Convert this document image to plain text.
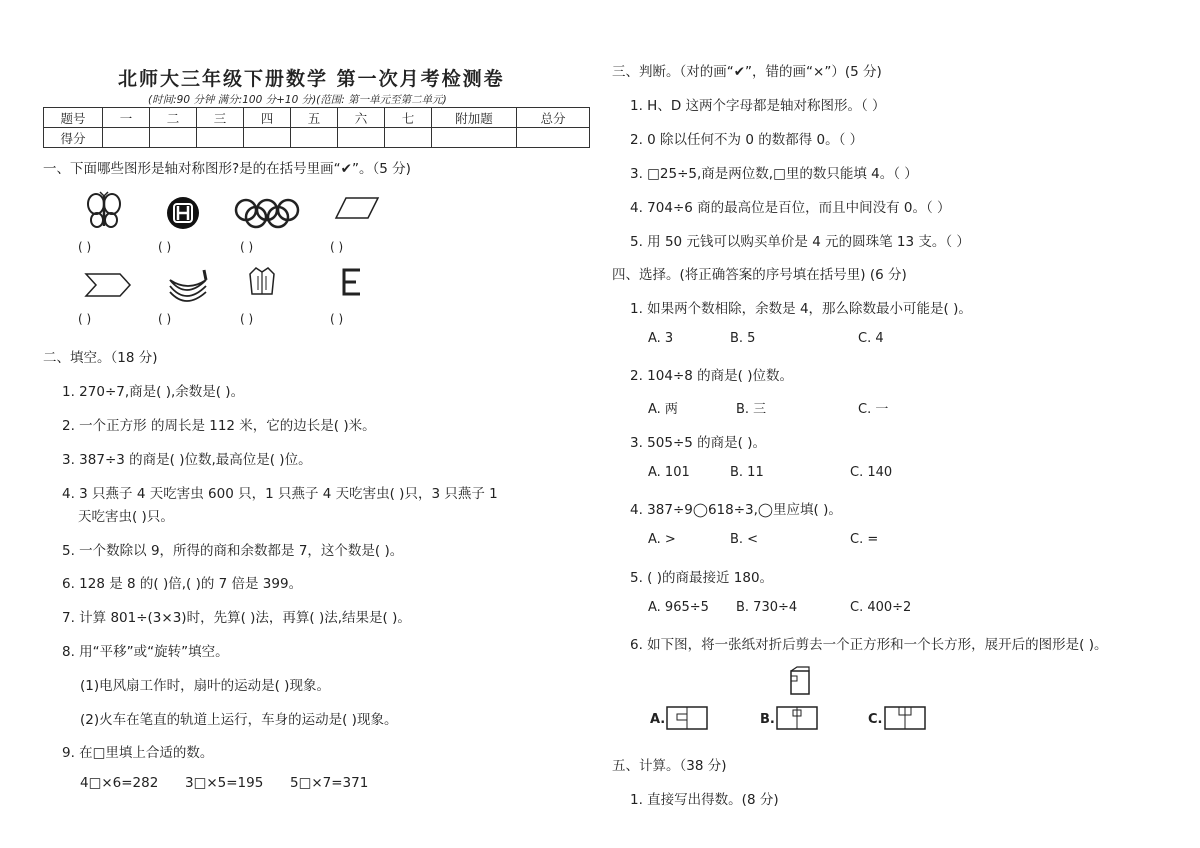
北师大三年级下册数学 第一次月考检测卷
(时间:90 分钟 满分:100 分+10 分)(范围: 第一单元至第二单元)
题号	一	二	三	四	五	六	七	附加题	总分
得分									
一、下面哪些图形是轴对称图形?是的在括号里画“✔”。（5 分)
( )	( )	( )	( )
( )	( )	( )	( )
二、填空。（18 分)
1. 270÷7,商是( ),余数是( )。
2. 一个正方形 的周长是 112 米，它的边长是( )米。
3. 387÷3 的商是( )位数,最高位是( )位。
4. 3 只燕子 4 天吃害虫 600 只，1 只燕子 4 天吃害虫( )只，3 只燕子 1
天吃害虫( )只。
5. 一个数除以 9，所得的商和余数都是 7，这个数是( )。
6. 128 是 8 的( )倍,( )的 7 倍是 399。
7. 计算 801÷(3×3)时，先算( )法，再算( )法,结果是( )。
8. 用“平移”或“旋转”填空。
(1)电风扇工作时，扇叶的运动是( )现象。
(2)火车在笔直的轨道上运行，车身的运动是( )现象。
9. 在□里填上合适的数。
4□×6=282 3□×5=195 5□×7=371
三、判断。（对的画“✔”，错的画“×”）(5 分)
1. H、D 这两个字母都是轴对称图形。（ ）
2. 0 除以任何不为 0 的数都得 0。（ ）
3. □25÷5,商是两位数,□里的数只能填 4。（ ）
4. 704÷6 商的最高位是百位，而且中间没有 0。（ ）
5. 用 50 元钱可以购买单价是 4 元的圆珠笔 13 支。（ ）
四、选择。(将正确答案的序号填在括号里) (6 分)
1. 如果两个数相除，余数是 4，那么除数最小可能是( )。
A. 3	B. 5	C. 4
2. 104÷8 的商是( )位数。
A. 两	B. 三	C. 一
3. 505÷5 的商是( )。
A. 101	B. 11	C. 140
4. 387÷9◯618÷3,◯里应填( )。
A. >	B. <	C. =
5. ( )的商最接近 180。
A. 965÷5 B. 730÷4	C. 400÷2
6. 如下图，将一张纸对折后剪去一个正方形和一个长方形，展开后的图形是( )。
A.	B.	C.
五、计算。（38 分)
1. 直接写出得数。(8 分)
